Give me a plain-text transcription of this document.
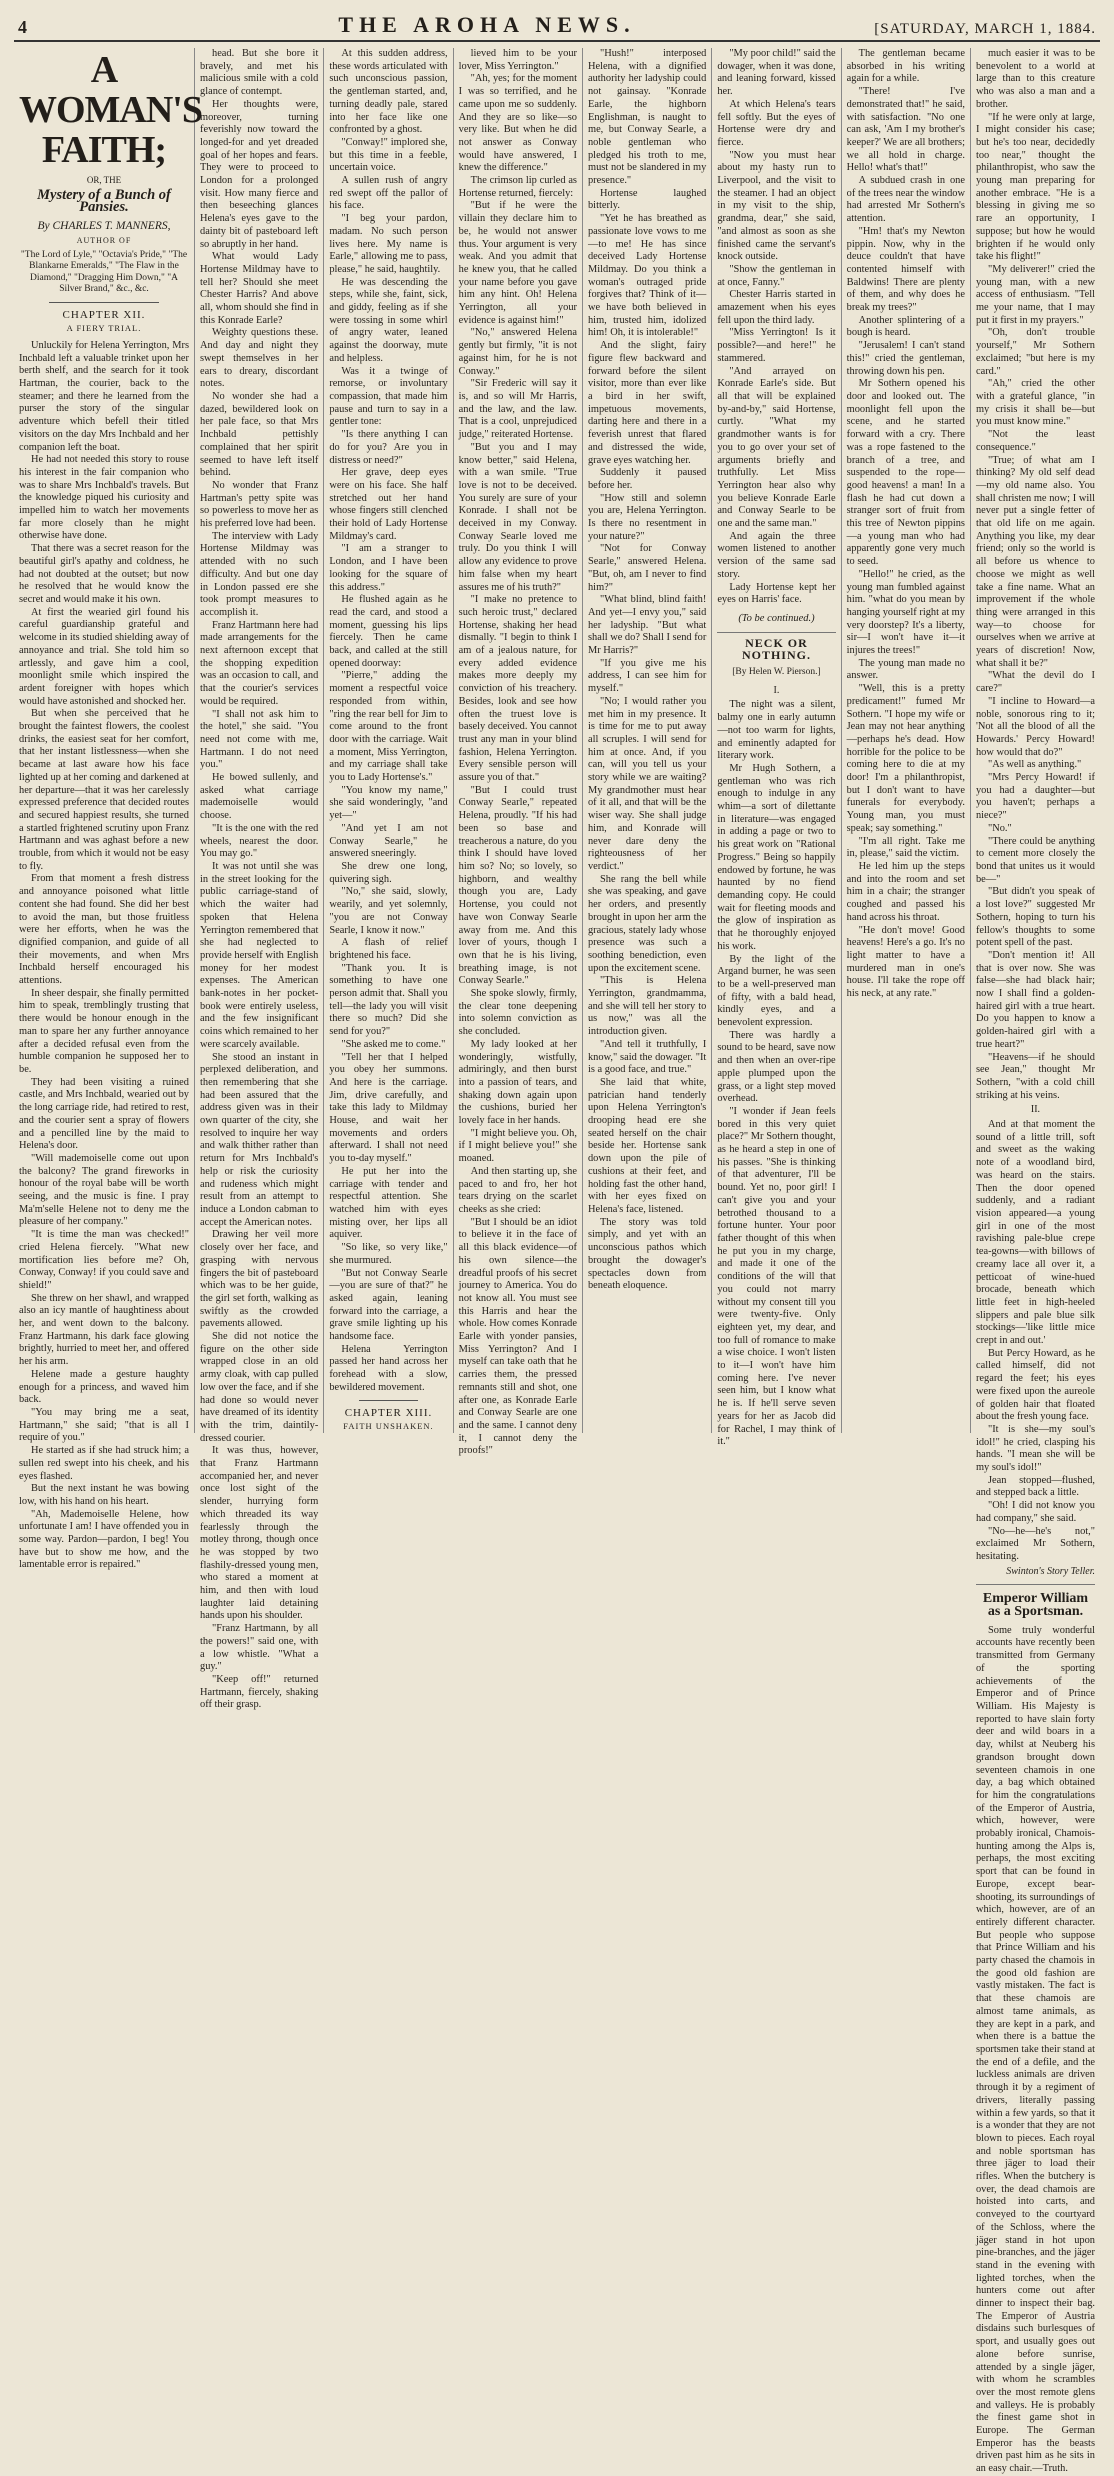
4	THE AROHA NEWS.	[SATURDAY, MARCH 1, 1884.
A WOMAN'S FAITH;
OR, THE
Mystery of a Bunch of Pansies.
By CHARLES T. MANNERS,
AUTHOR OF
"The Lord of Lyle," "Octavia's Pride," "The Blankarne Emeralds," "The Flaw in the Diamond," "Dragging Him Down," "A Silver Brand," &c., &c.
CHAPTER XII.
A FIERY TRIAL.

Unluckily for Helena Yerrington, Mrs Inchbald left a valuable trinket upon her berth shelf, and the search for it took Hartman, the courier, back to the steamer; and there he learned from the purser the story of the singular adventure which befell their titled visitors on the day Mrs Inchbald and her companion left the boat.

He had not needed this story to rouse his interest in the fair companion who was to share Mrs Inchbald's travels. But the knowledge piqued his curiosity and impelled him to watch her movements far more closely than he might otherwise have done.

That there was a secret reason for the beautiful girl's apathy and coldness, he had not doubted at the outset; but now he resolved that he would know the secret and would make it his own.

At first the wearied girl found his careful guardianship grateful and welcome in its studied shielding away of annoyance and trial. She told him so artlessly, and gave him a cool, moonlight smile which inspired the ardent foreigner with hopes which would have astonished and shocked her.

But when she perceived that he brought the faintest flowers, the coolest drinks, the easiest seat for her comfort, that her instant listlessness—when she became at last aware how his face lighted up at her coming and darkened at her departure—that it was her carelessly expressed preference that decided routes and secured happiest results, she turned a startled frightened scrutiny upon Franz Hartmann and was aghast before a new trouble, from which it would not be easy to fly.

From that moment a fresh distress and annoyance poisoned what little content she had found. She did her best to avoid the man, but those fruitless were her efforts, when he was the dignified companion, and guide of all their movements, and when Mrs Inchbald herself encouraged his attentions.

In sheer despair, she finally permitted him to speak, tremblingly trusting that there would be honour enough in the man to spare her any further annoyance after a decided refusal even from the humble companion he supposed her to be.

They had been visiting a ruined castle, and Mrs Inchbald, wearied out by the long carriage ride, had retired to rest, and the courier sent a spray of flowers and a pencilled line by the maid to Helena's door.

"Will mademoiselle come out upon the balcony? The grand fireworks in honour of the royal babe will be worth seeing, and the music is fine. I pray Ma'm'selle Helene not to deny me the pleasure of her company."

"It is time the man was checked!" cried Helena fiercely. "What new mortification lies before me? Oh, Conway, Conway! if you could save and shield!"

She threw on her shawl, and wrapped also an icy mantle of haughtiness about her, and went down to the balcony. Franz Hartmann, his dark face glowing brightly, hurried to meet her, and offered her his arm.

Helene made a gesture haughty enough for a princess, and waved him back.

"You may bring me a seat, Hartmann," she said; "that is all I require of you."

He started as if she had struck him; a sullen red swept into his cheek, and his eyes flashed.

But the next instant he was bowing low, with his hand on his heart.

"Ah, Mademoiselle Helene, how unfortunate I am! I have offended you in some way. Pardon—pardon, I beg! You have but to show me how, and the lamentable error is repaired."

head. But she bore it bravely, and met his malicious smile with a cold glance of contempt.

Her thoughts were, moreover, turning feverishly now toward the longed-for and yet dreaded goal of her hopes and fears. They were to proceed to London for a prolonged visit. How many fierce and then beseeching glances Helena's eyes gave to the dainty bit of pasteboard left so abruptly in her hand.

What would Lady Hortense Mildmay have to tell her? Should she meet Chester Harris? And above all, whom should she find in this Konrade Earle?

Weighty questions these. And day and night they swept themselves in her ears to dreary, discordant notes.

No wonder she had a dazed, bewildered look on her pale face, so that Mrs Inchbald pettishly complained that her spirit seemed to have left itself behind.

No wonder that Franz Hartman's petty spite was so powerless to move her as his preferred love had been.

The interview with Lady Hortense Mildmay was attended with no such difficulty. And but one day in London passed ere she took prompt measures to accomplish it.

Franz Hartmann here had made arrangements for the next afternoon except that the shopping expedition was an occasion to call, and that the courier's services would be required.

"I shall not ask him to the hotel," she said. "You need not come with me, Hartmann. I do not need you."

He bowed sullenly, and asked what carriage mademoiselle would choose.

"It is the one with the red wheels, nearest the door. You may go."

It was not until she was in the street looking for the public carriage-stand of which the waiter had spoken that Helena Yerrington remembered that she had neglected to provide herself with English money for her modest expenses. The American bank-notes in her pocket-book were entirely useless, and the few insignificant coins which remained to her were scarcely available.

She stood an instant in perplexed deliberation, and then remembering that she had been assured that the address given was in their own quarter of the city, she resolved to inquire her way and walk thither rather than return for Mrs Inchbald's help or risk the curiosity and rudeness which might result from an attempt to induce a London cabman to accept the American notes.

Drawing her veil more closely over her face, and grasping with nervous fingers the bit of pasteboard which was to be her guide, the girl set forth, walking as swiftly as the crowded pavements allowed.

She did not notice the figure on the other side wrapped close in an old army cloak, with cap pulled low over the face, and if she had done so would never have dreamed of its identity with the trim, daintily-dressed courier.

It was thus, however, that Franz Hartmann accompanied her, and never once lost sight of the slender, hurrying form which threaded its way fearlessly through the motley throng, though once he was stopped by two flashily-dressed young men, who stared a moment at him, and then with loud laughter laid detaining hands upon his shoulder.

"Franz Hartmann, by all the powers!" said one, with a low whistle. "What a guy."

"Keep off!" returned Hartmann, fiercely, shaking off their grasp.

At this sudden address, these words articulated with such unconscious passion, the gentleman started, and, turning deadly pale, stared into her face like one confronted by a ghost.

"Conway!" implored she, but this time in a feeble, uncertain voice.

A sullen rush of angry red swept off the pallor of his face.

"I beg your pardon, madam. No such person lives here. My name is Earle," allowing me to pass, please," he said, haughtily.

He was descending the steps, while she, faint, sick, and giddy, feeling as if she were tossing in some whirl of angry water, leaned against the doorway, mute and helpless.

Was it a twinge of remorse, or involuntary compassion, that made him pause and turn to say in a gentler tone:

"Is there anything I can do for you? Are you in distress or need?"

Her grave, deep eyes were on his face. She half stretched out her hand whose fingers still clenched their hold of Lady Hortense Mildmay's card.

"I am a stranger to London, and I have been looking for the square of this address."

He flushed again as he read the card, and stood a moment, guessing his lips fiercely. Then he came back, and called at the still opened doorway:

"Pierre," adding the moment a respectful voice responded from within, "ring the rear bell for Jim to come around to the front door with the carriage. Wait a moment, Miss Yerrington, and my carriage shall take you to Lady Hortense's."

"You know my name," she said wonderingly, "and yet—"

"And yet I am not Conway Searle," he answered sneeringly.

She drew one long, quivering sigh.

"No," she said, slowly, wearily, and yet solemnly, "you are not Conway Searle, I know it now."

A flash of relief brightened his face.

"Thank you. It is something to have one person admit that. Shall you tell—the lady you will visit there so much? Did she send for you?"

"She asked me to come."

"Tell her that I helped you obey her summons. And here is the carriage. Jim, drive carefully, and take this lady to Mildmay House, and wait her movements and orders afterward. I shall not need you to-day myself."

He put her into the carriage with tender and respectful attention. She watched him with eyes misting over, her lips all aquiver.

"So like, so very like," she murmured.

"But not Conway Searle—you are sure of that?" he asked again, leaning forward into the carriage, a grave smile lighting up his handsome face.

Helena Yerrington passed her hand across her forehead with a slow, bewildered movement.

CHAPTER XIII.
FAITH UNSHAKEN.

lieved him to be your lover, Miss Yerrington."

"Ah, yes; for the moment I was so terrified, and he came upon me so suddenly. And they are so like—so very like. But when he did not answer as Conway would have answered, I knew the difference."

The crimson lip curled as Hortense returned, fiercely:

"But if he were the villain they declare him to be, he would not answer thus. Your argument is very weak. And you admit that he knew you, that he called your name before you gave him any hint. Oh! Helena Yerrington, all your evidence is against him!"

"No," answered Helena gently but firmly, "it is not against him, for he is not Conway."

"Sir Frederic will say it is, and so will Mr Harris, and the law, and the law. That is a cool, unprejudiced judge," reiterated Hortense.

"But you and I may know better," said Helena, with a wan smile. "True love is not to be deceived. You surely are sure of your Konrade. I shall not be deceived in my Conway. Conway Searle loved me truly. Do you think I will allow any evidence to prove him false when my heart assures me of his truth?"

"I make no pretence to such heroic trust," declared Hortense, shaking her head dismally. "I begin to think I am of a jealous nature, for every added evidence makes more deeply my conviction of his treachery. Besides, look and see how often the truest love is basely deceived. You cannot trust any man in your blind fashion, Helena Yerrington. Every sensible person will assure you of that."

"But I could trust Conway Searle," repeated Helena, proudly. "If his had been so base and treacherous a nature, do you think I should have loved him so? No; so lovely, so highborn, and wealthy though you are, Lady Hortense, you could not have won Conway Searle away from me. And this lover of yours, though I own that he is his living, breathing image, is not Conway Searle."

She spoke slowly, firmly, the clear tone deepening into solemn conviction as she concluded.

My lady looked at her wonderingly, wistfully, admiringly, and then burst into a passion of tears, and shaking down again upon the cushions, buried her lovely face in her hands.

"I might believe you. Oh, if I might believe you!" she moaned.

And then starting up, she paced to and fro, her hot tears drying on the scarlet cheeks as she cried:

"But I should be an idiot to believe it in the face of all this black evidence—of his own silence—the dreadful proofs of his secret journey to America. You do not know all. You must see this Harris and hear the whole. How comes Konrade Earle with yonder pansies, Miss Yerrington? And I myself can take oath that he carries them, the pressed remnants still and shot, one after one, as Konrade Earle and Conway Searle are one and the same. I cannot deny it, I cannot deny the proofs!"

"Hush!" interposed Helena, with a dignified authority her ladyship could not gainsay. "Konrade Earle, the highborn Englishman, is naught to me, but Conway Searle, a noble gentleman who pledged his troth to me, must not be slandered in my presence."

Hortense laughed bitterly.

"Yet he has breathed as passionate love vows to me—to me! He has since deceived Lady Hortense Mildmay. Do you think a woman's outraged pride forgives that? Think of it—we have both believed in him, trusted him, idolized him! Oh, it is intolerable!"

And the slight, fairy figure flew backward and forward before the silent visitor, more than ever like a bird in her swift, impetuous movements, darting here and there in a feverish unrest that flared and distressed the wide, grave eyes watching her.

Suddenly it paused before her.

"How still and solemn you are, Helena Yerrington. Is there no resentment in your nature?"

"Not for Conway Searle," answered Helena. "But, oh, am I never to find him?"

"What blind, blind faith! And yet—I envy you," said her ladyship. "But what shall we do? Shall I send for Mr Harris?"

"If you give me his address, I can see him for myself."

"No; I would rather you met him in my presence. It is time for me to put away all scruples. I will send for him at once. And, if you can, will you tell us your story while we are waiting? My grandmother must hear of it all, and that will be the wiser way. She shall judge him, and Konrade will never dare deny the righteousness of her verdict."

She rang the bell while she was speaking, and gave her orders, and presently brought in upon her arm the gracious, stately lady whose presence was such a soothing benediction, even upon the excitement scene.

"This is Helena Yerrington, grandmamma, and she will tell her story to us now," was all the introduction given.

"And tell it truthfully, I know," said the dowager. "It is a good face, and true."

She laid that white, patrician hand tenderly upon Helena Yerrington's drooping head ere she seated herself on the chair beside her. Hortense sank down upon the pile of cushions at their feet, and holding fast the other hand, with her eyes fixed on Helena's face, listened.

The story was told simply, and yet with an unconscious pathos which brought the dowager's spectacles down from beneath eloquence.

"My poor child!" said the dowager, when it was done, and leaning forward, kissed her.

At which Helena's tears fell softly. But the eyes of Hortense were dry and fierce.

"Now you must hear about my hasty run to Liverpool, and the visit to the steamer. I had an object in my visit to the ship, grandma, dear," she said, "and almost as soon as she finished came the servant's knock outside.

"Show the gentleman in at once, Fanny."

Chester Harris started in amazement when his eyes fell upon the third lady.

"Miss Yerrington! Is it possible?—and here!" he stammered.

"And arrayed on Konrade Earle's side. But all that will be explained by-and-by," said Hortense, curtly. "What my grandmother wants is for you to go over your set of arguments briefly and truthfully. Let Miss Yerrington hear also why you believe Konrade Earle and Conway Searle to be one and the same man."

And again the three women listened to another version of the same sad story.

Lady Hortense kept her eyes on Harris' face.

(To be continued.)
NECK OR NOTHING.
[By Helen W. Pierson.]
I.

The night was a silent, balmy one in early autumn—not too warm for lights, and eminently adapted for literary work.

Mr Hugh Sothern, a gentleman who was rich enough to indulge in any whim—a sort of dilettante in literature—was engaged in adding a page or two to his great work on "Rational Progress." Being so happily endowed by fortune, he was haunted by no fiend demanding copy. He could wait for fleeting moods and the glow of inspiration as that he thoroughly enjoyed his work.

By the light of the Argand burner, he was seen to be a well-preserved man of fifty, with a bald head, kindly eyes, and a benevolent expression.

There was hardly a sound to be heard, save now and then when an over-ripe apple plumped upon the grass, or a light step moved overhead.

"I wonder if Jean feels bored in this very quiet place?" Mr Sothern thought, as he heard a step in one of his passes. "She is thinking of that adventurer, I'll be bound. Yet no, poor girl! I can't give you and your betrothed thousand to a fortune hunter. Your poor father thought of this when he put you in my charge, and made it one of the conditions of the will that you could not marry without my consent till you were twenty-five. Only eighteen yet, my dear, and too full of romance to make a wise choice. I won't listen to it—I won't have him coming here. I've never seen him, but I know what he is. If he'll serve seven years for her as Jacob did for Rachel, I may think of it."

The gentleman became absorbed in his writing again for a while.

"There! I've demonstrated that!" he said, with satisfaction. "No one can ask, 'Am I my brother's keeper?' We are all brothers; we all hold in charge. Hello! what's that!"

A subdued crash in one of the trees near the window had arrested Mr Sothern's attention.

"Hm! that's my Newton pippin. Now, why in the deuce couldn't that have contented himself with Baldwins! There are plenty of them, and why does he break my trees?"

Another splintering of a bough is heard.

"Jerusalem! I can't stand this!" cried the gentleman, throwing down his pen.

Mr Sothern opened his door and looked out. The moonlight fell upon the scene, and he started forward with a cry. There was a rope fastened to the branch of a tree, and suspended to the rope—good heavens! a man! In a flash he had cut down a stranger sort of fruit from this tree of Newton pippins—a young man who had apparently gone very much to seed.

"Hello!" he cried, as the young man fumbled against him. "what do you mean by hanging yourself right at my very doorstep? It's a liberty, sir—I won't have it—it injures the trees!"

The young man made no answer.

"Well, this is a pretty predicament!" fumed Mr Sothern. "I hope my wife or Jean may not hear anything—perhaps he's dead. How horrible for the police to be coming here to die at my door! I'm a philanthropist, but I don't want to have funerals for everybody. Young man, you must speak; say something."

"I'm all right. Take me in, please," said the victim.

He led him up the steps and into the room and set him in a chair; the stranger coughed and passed his hand across his throat.

"He don't move! Good heavens! Here's a go. It's no light matter to have a murdered man in one's house. I'll take the rope off his neck, at any rate."

much easier it was to be benevolent to a world at large than to this creature who was also a man and a brother.

"If he were only at large, I might consider his case; but he's too near, decidedly too near," thought the philanthropist, who saw the young man preparing for another embrace. "He is a blessing in giving me so rare an opportunity, I suppose; but how he would brighten if he would only take his flight!"

"My deliverer!" cried the young man, with a new access of enthusiasm. "Tell me your name, that I may put it first in my prayers."

"Oh, don't trouble yourself," Mr Sothern exclaimed; "but here is my card."

"Ah," cried the other with a grateful glance, "in my crisis it shall be—but you must know mine."

"Not the least consequence."

"True; of what am I thinking? My old self dead—my old name also. You shall christen me now; I will never put a single fetter of that old life on me again. Anything you like, my dear friend; only so the world is all before us whence to choose we might as well take a fine name. What an improvement if the whole thing were arranged in this way—to choose for ourselves when we arrive at years of discretion! Now, what shall it be?"

"What the devil do I care?"

"I incline to Howard—a noble, sonorous ring to it; 'Not all the blood of all the Howards.' Percy Howard! how would that do?"

"As well as anything."

"Mrs Percy Howard! if you had a daughter—but you haven't; perhaps a niece?"

"No."

"There could be anything to cement more closely the bond that unites us it would be—"

"But didn't you speak of a lost love?" suggested Mr Sothern, hoping to turn his fellow's thoughts to some potent spell of the past.

"Don't mention it! All that is over now. She was false—she had black hair; now I shall find a golden-haired girl with a true heart. Do you happen to know a golden-haired girl with a true heart?"

"Heavens—if he should see Jean," thought Mr Sothern, "with a cold chill striking at his veins.

II.

And at that moment the sound of a little trill, soft and sweet as the waking note of a woodland bird, was heard on the stairs. Then the door opened suddenly, and a radiant vision appeared—a young girl in one of the most ravishing pale-blue crepe tea-gowns—with billows of creamy lace all over it, a petticoat of wine-hued brocade, beneath which little feet in high-heeled slippers and pale blue silk stockings—'like little mice crept in and out.'

But Percy Howard, as he called himself, did not regard the feet; his eyes were fixed upon the aureole of golden hair that floated about the fresh young face.

"It is she—my soul's idol!" he cried, clasping his hands. "I mean she will be my soul's idol!"

Jean stopped—flushed, and stepped back a little.

"Oh! I did not know you had company," she said.

"No—he—he's not," exclaimed Mr Sothern, hesitating.

Swinton's Story Teller.
Emperor William as a Sportsman.

Some truly wonderful accounts have recently been transmitted from Germany of the sporting achievements of the Emperor and of Prince William. His Majesty is reported to have slain forty deer and wild boars in a day, whilst at Neuberg his grandson brought down seventeen chamois in one day, a bag which obtained for him the congratulations of the Emperor of Austria, which, however, were probably ironical, Chamois-hunting among the Alps is, perhaps, the most exciting sport that can be found in Europe, except bear-shooting, its surroundings of which, however, are of an entirely different character. But people who suppose that Prince William and his party chased the chamois in the good old fashion are vastly mistaken. The fact is that these chamois are almost tame animals, as they are kept in a park, and when there is a battue the sportsmen take their stand at the end of a defile, and the luckless animals are driven through it by a regiment of drivers, literally passing within a few yards, so that it is a wonder that they are not blown to pieces. Each royal and noble sportsman has three jäger to load their rifles. When the butchery is over, the dead chamois are hoisted into carts, and conveyed to the courtyard of the Schloss, where the jäger stand in hot upon pine-branches, and the jäger stand in the evening with lighted torches, when the hunters come out after dinner to inspect their bag. The Emperor of Austria disdains such burlesques of sport, and usually goes out alone before sunrise, attended by a single jäger, with whom he scrambles over the most remote glens and valleys. He is probably the finest game shot in Europe. The German Emperor has the beasts driven past him as he sits in an easy chair.—Truth.
